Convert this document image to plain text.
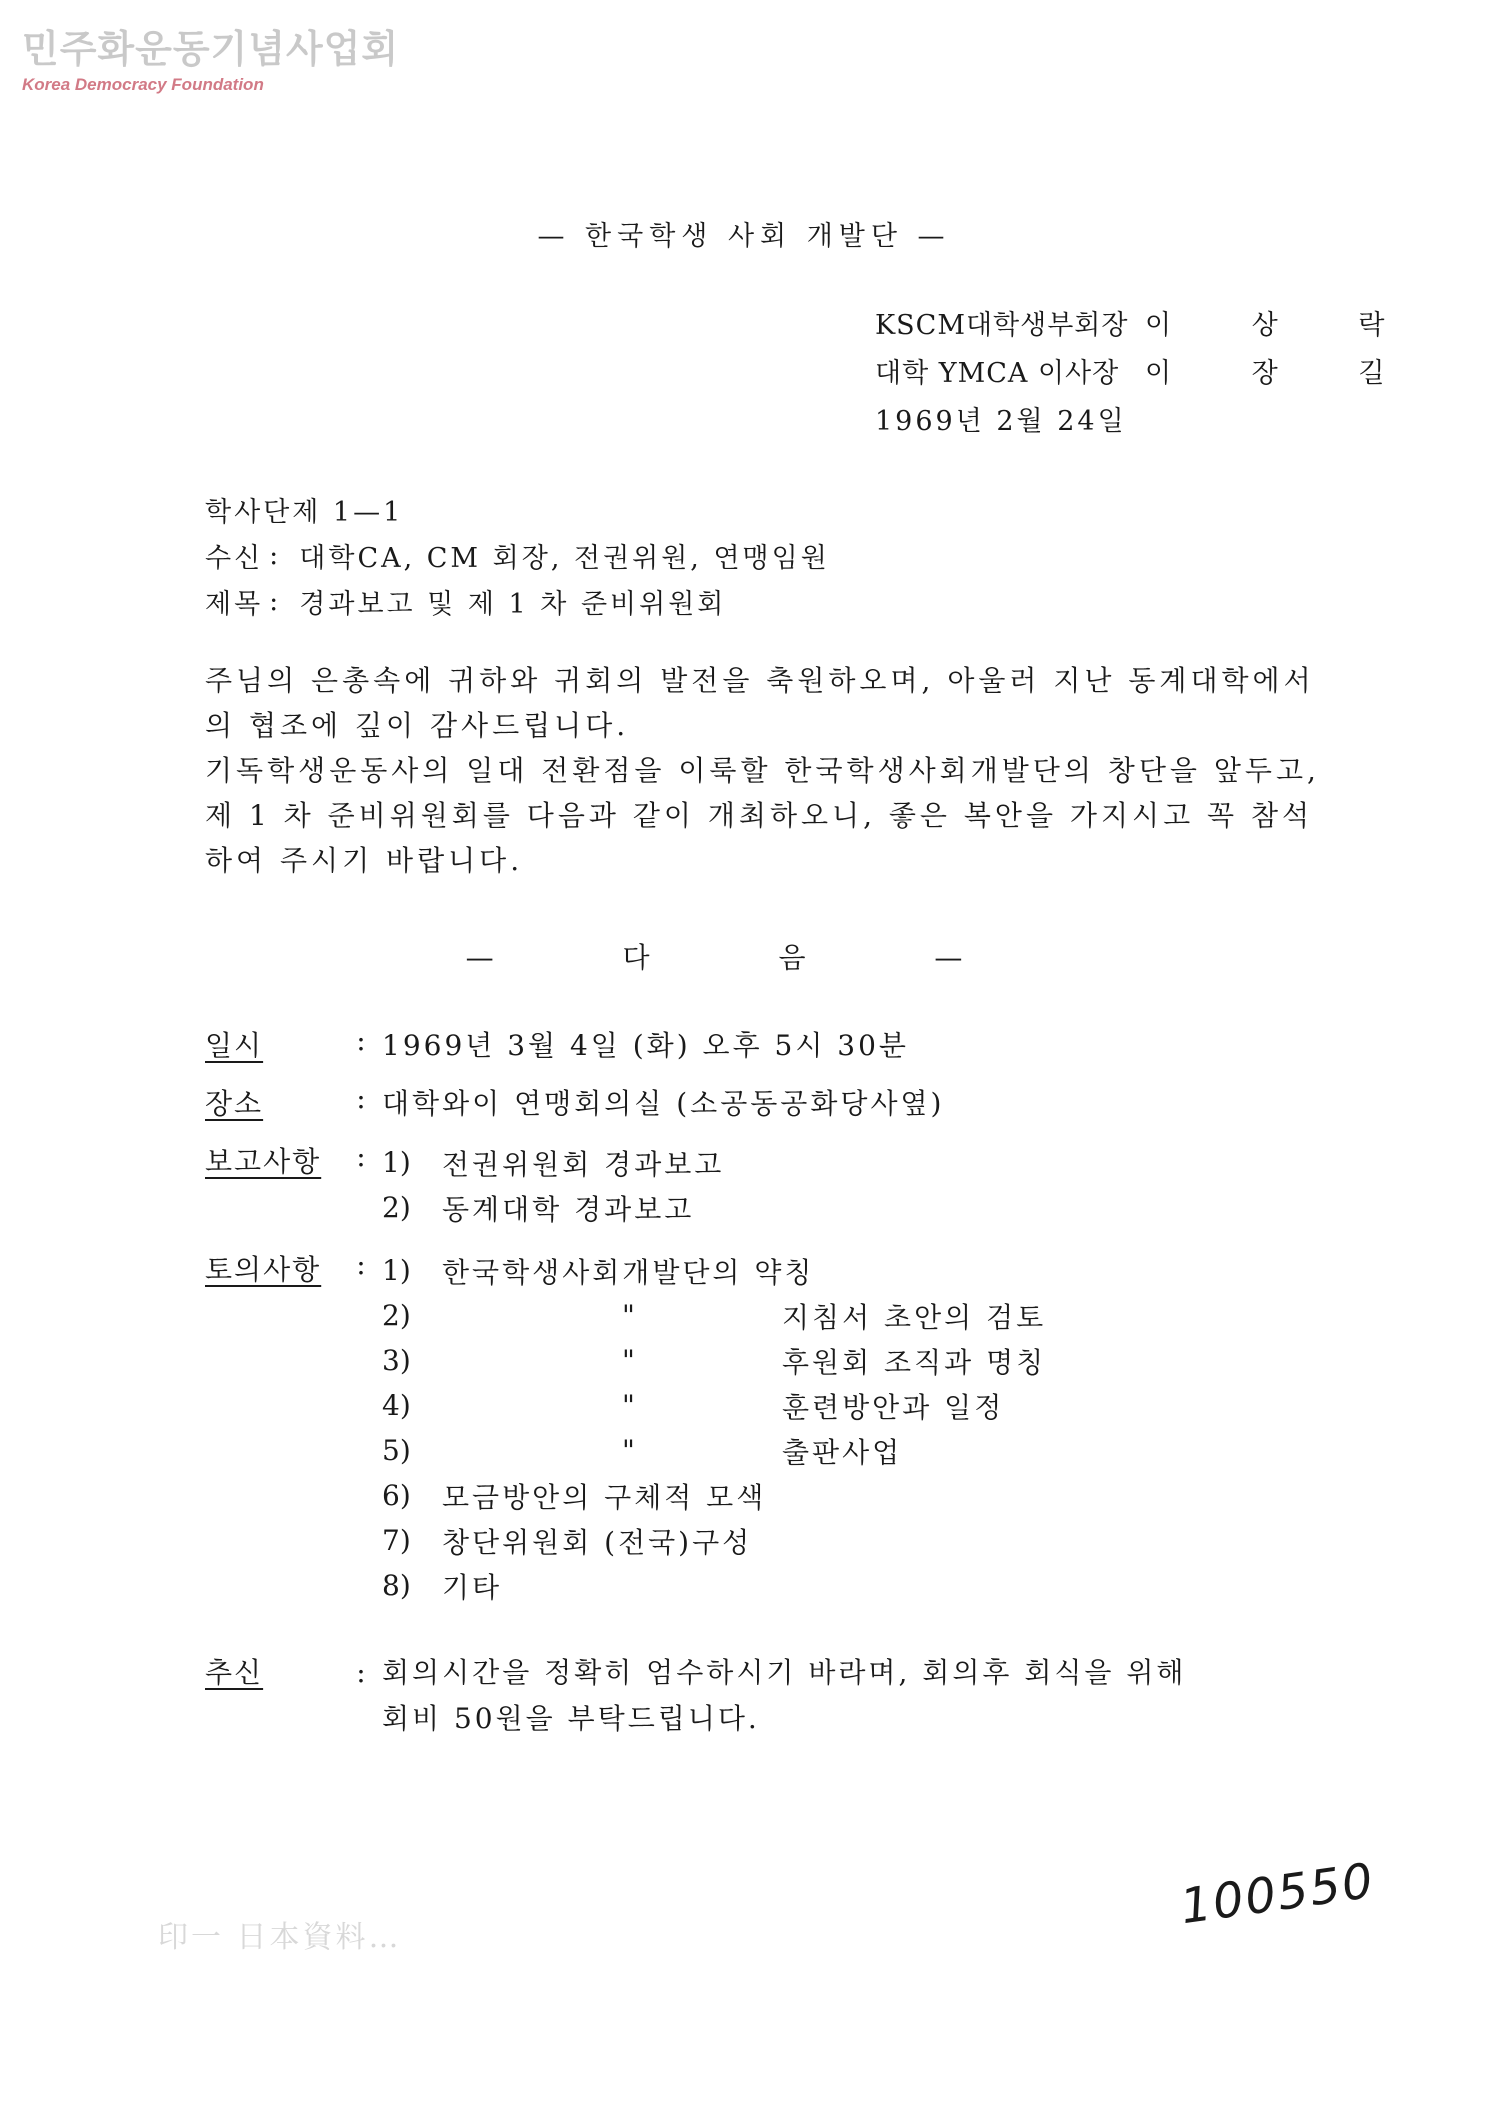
민주화운동기념사업회
Korea Democracy Foundation
— 한국학생 사회 개발단 —
KSCM대학생부회장 이 상 락
대학 YMCA 이사장 이 장 길
1969년 2월 24일
학사단제 1—1
수신 : 대학CA, CM 회장, 전권위원, 연맹임원
제목 : 경과보고 및 제 1 차 준비위원회

주님의 은총속에 귀하와 귀회의 발전을 축원하오며, 아울러 지난 동계대학에서의 협조에 깊이 감사드립니다.

기독학생운동사의 일대 전환점을 이룩할 한국학생사회개발단의 창단을 앞두고, 제 1 차 준비위원회를 다음과 같이 개최하오니, 좋은 복안을 가지시고 꼭 참석하여 주시기 바랍니다.

— 다 음 —
일시	: 1969년 3월 4일 (화) 오후 5시 30분
장소	: 대학와이 연맹회의실 (소공동공화당사옆)
보고사항	: 1)	전권위원회 경과보고
2)	동계대학 경과보고
토의사항	: 1)	한국학생사회개발단의 약칭
2)	"	지침서 초안의 검토
3)	"	후원회 조직과 명칭
4)	"	훈련방안과 일정
5)	"	출판사업
6)	모금방안의 구체적 모색
7)	창단위원회 (전국)구성
8)	기타
추신	: 회의시간을 정확히 엄수하시기 바라며, 회의후 회식을 위해
회비 50원을 부탁드립니다.
100550
印一 日本資料…
